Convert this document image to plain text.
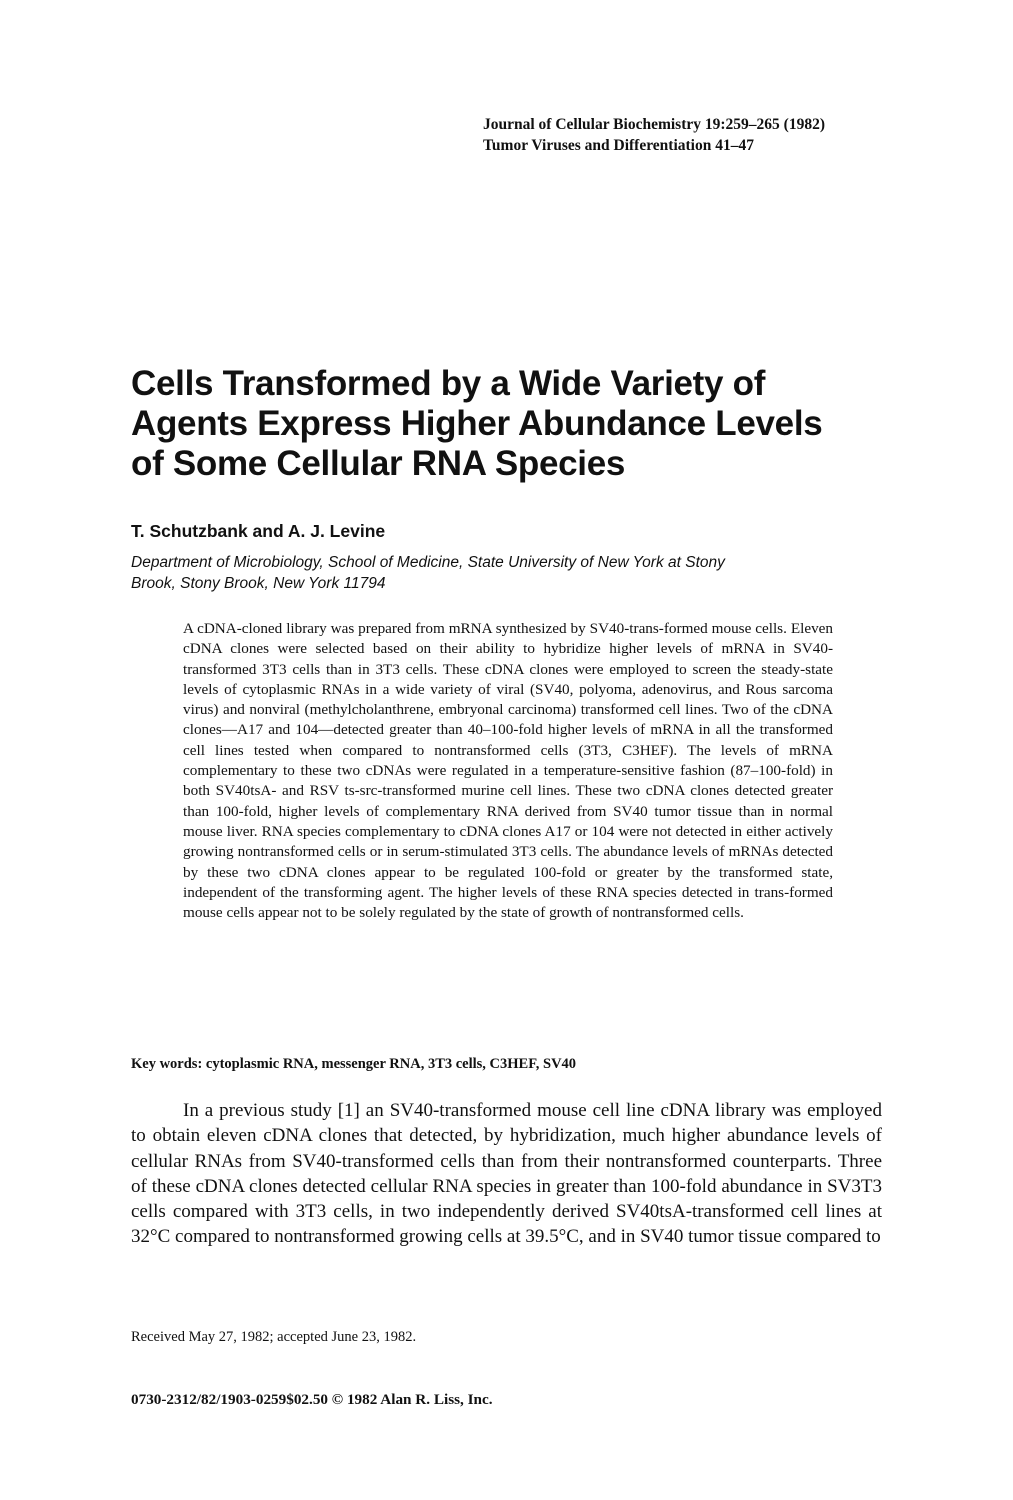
Journal of Cellular Biochemistry 19:259–265 (1982)
Tumor Viruses and Differentiation 41–47
Cells Transformed by a Wide Variety of
Agents Express Higher Abundance Levels
of Some Cellular RNA Species
T. Schutzbank and A. J. Levine
Department of Microbiology, School of Medicine, State University of New York at Stony
Brook, Stony Brook, New York 11794
A cDNA-cloned library was prepared from mRNA synthesized by SV40-trans-formed mouse cells. Eleven cDNA clones were selected based on their ability to hybridize higher levels of mRNA in SV40-transformed 3T3 cells than in 3T3 cells. These cDNA clones were employed to screen the steady-state levels of cytoplasmic RNAs in a wide variety of viral (SV40, polyoma, adenovirus, and Rous sarcoma virus) and nonviral (methylcholanthrene, embryonal carcinoma) transformed cell lines. Two of the cDNA clones—A17 and 104—detected greater than 40–100-fold higher levels of mRNA in all the transformed cell lines tested when compared to nontransformed cells (3T3, C3HEF). The levels of mRNA complementary to these two cDNAs were regulated in a temperature-sensitive fashion (87–100-fold) in both SV40tsA- and RSV ts-src-transformed murine cell lines. These two cDNA clones detected greater than 100-fold, higher levels of complementary RNA derived from SV40 tumor tissue than in normal mouse liver. RNA species complementary to cDNA clones A17 or 104 were not detected in either actively growing nontransformed cells or in serum-stimulated 3T3 cells. The abundance levels of mRNAs detected by these two cDNA clones appear to be regulated 100-fold or greater by the transformed state, independent of the transforming agent. The higher levels of these RNA species detected in trans-formed mouse cells appear not to be solely regulated by the state of growth of nontransformed cells.
Key words: cytoplasmic RNA, messenger RNA, 3T3 cells, C3HEF, SV40

In a previous study [1] an SV40-transformed mouse cell line cDNA library was employed to obtain eleven cDNA clones that detected, by hybridization, much higher abundance levels of cellular RNAs from SV40-transformed cells than from their nontransformed counterparts. Three of these cDNA clones detected cellular RNA species in greater than 100-fold abundance in SV3T3 cells compared with 3T3 cells, in two independently derived SV40tsA-transformed cell lines at 32°C compared to nontransformed growing cells at 39.5°C, and in SV40 tumor tissue compared to

Received May 27, 1982; accepted June 23, 1982.
0730-2312/82/1903-0259$02.50 © 1982 Alan R. Liss, Inc.
